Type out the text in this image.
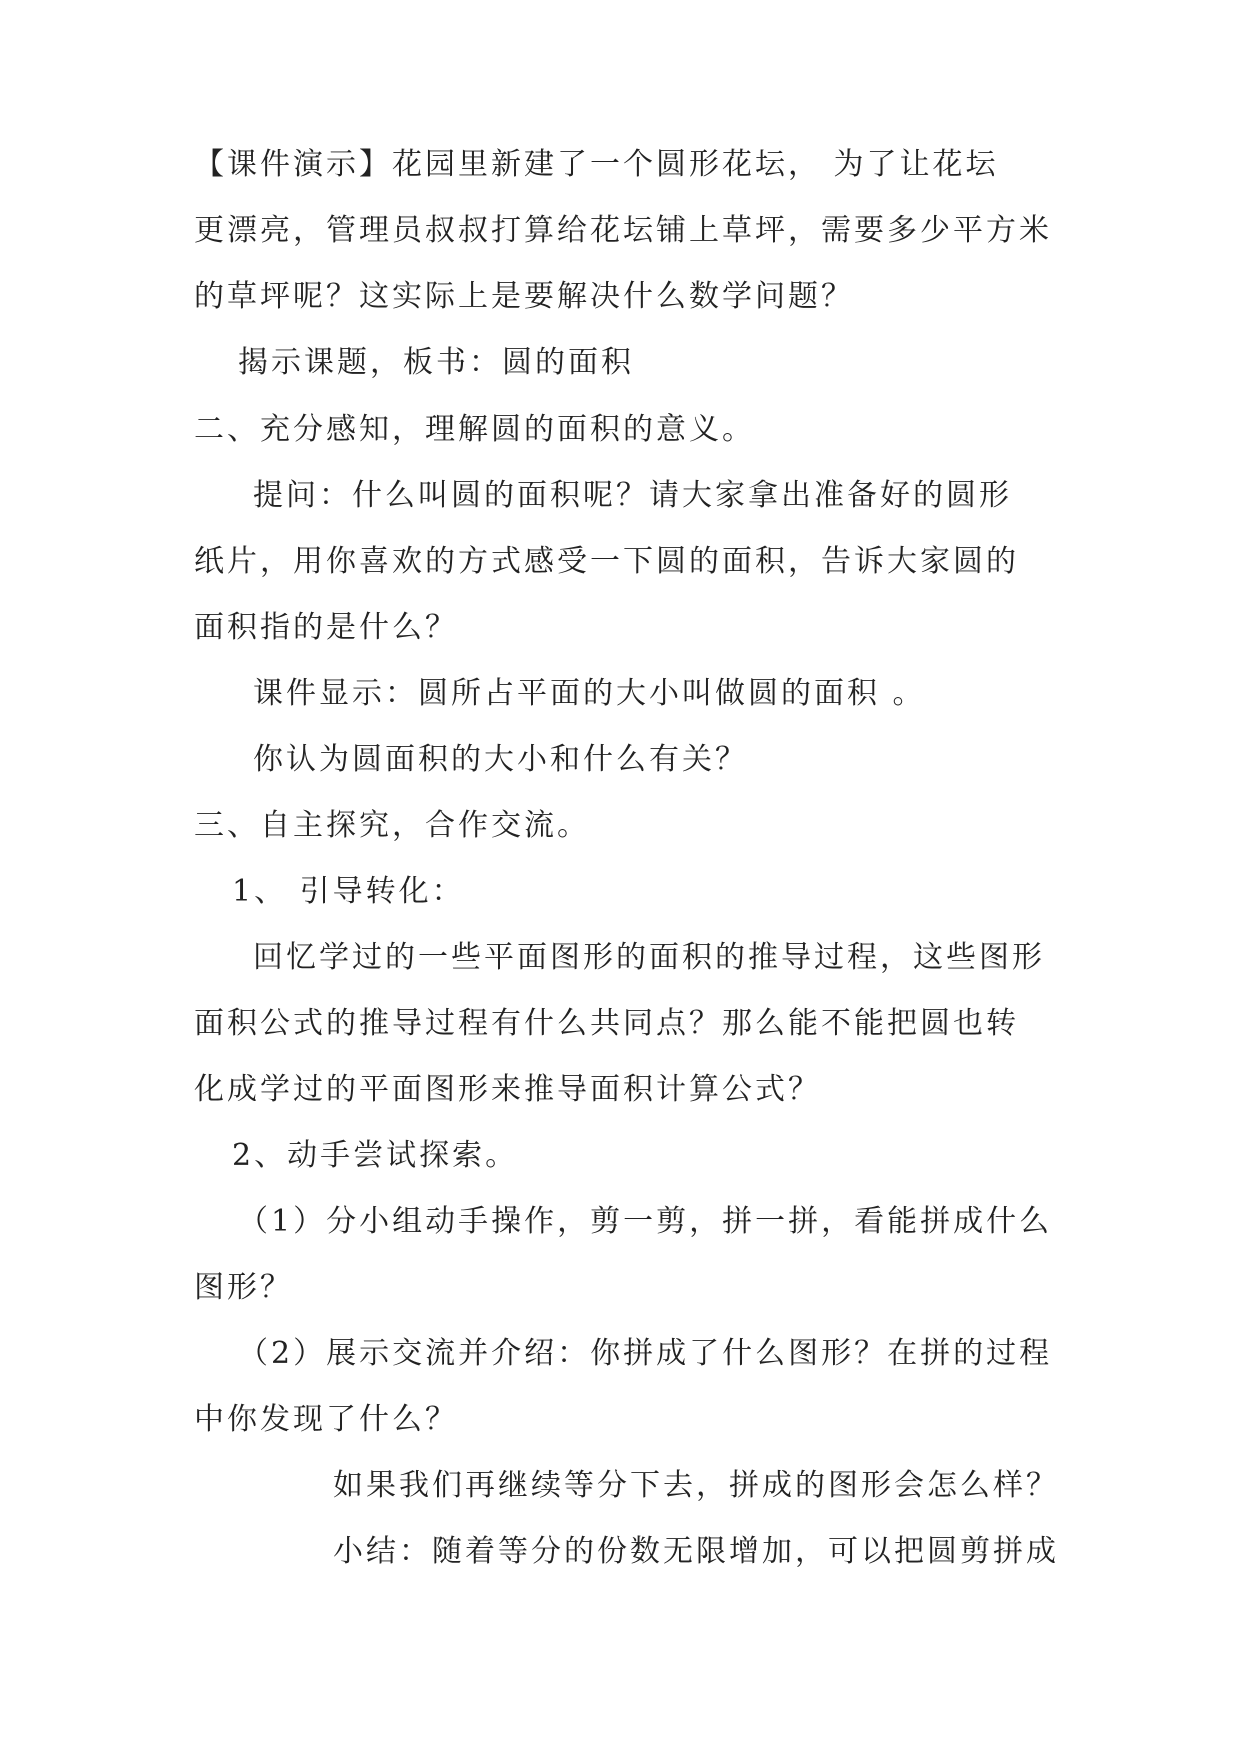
【课件演示】花园里新建了一个圆形花坛， 为了让花坛
更漂亮，管理员叔叔打算给花坛铺上草坪，需要多少平方米
的草坪呢？这实际上是要解决什么数学问题？
揭示课题，板书：圆的面积
二、充分感知，理解圆的面积的意义。
提问：什么叫圆的面积呢？请大家拿出准备好的圆形
纸片，用你喜欢的方式感受一下圆的面积，告诉大家圆的
面积指的是什么？
课件显示：圆所占平面的大小叫做圆的面积 。
你认为圆面积的大小和什么有关？
三、自主探究，合作交流。
1、 引导转化：
回忆学过的一些平面图形的面积的推导过程，这些图形
面积公式的推导过程有什么共同点？那么能不能把圆也转
化成学过的平面图形来推导面积计算公式？
2、动手尝试探索。
（1）分小组动手操作，剪一剪，拼一拼，看能拼成什么
图形？
（2）展示交流并介绍：你拼成了什么图形？在拼的过程
中你发现了什么？
如果我们再继续等分下去，拼成的图形会怎么样？
小结：随着等分的份数无限增加，可以把圆剪拼成
